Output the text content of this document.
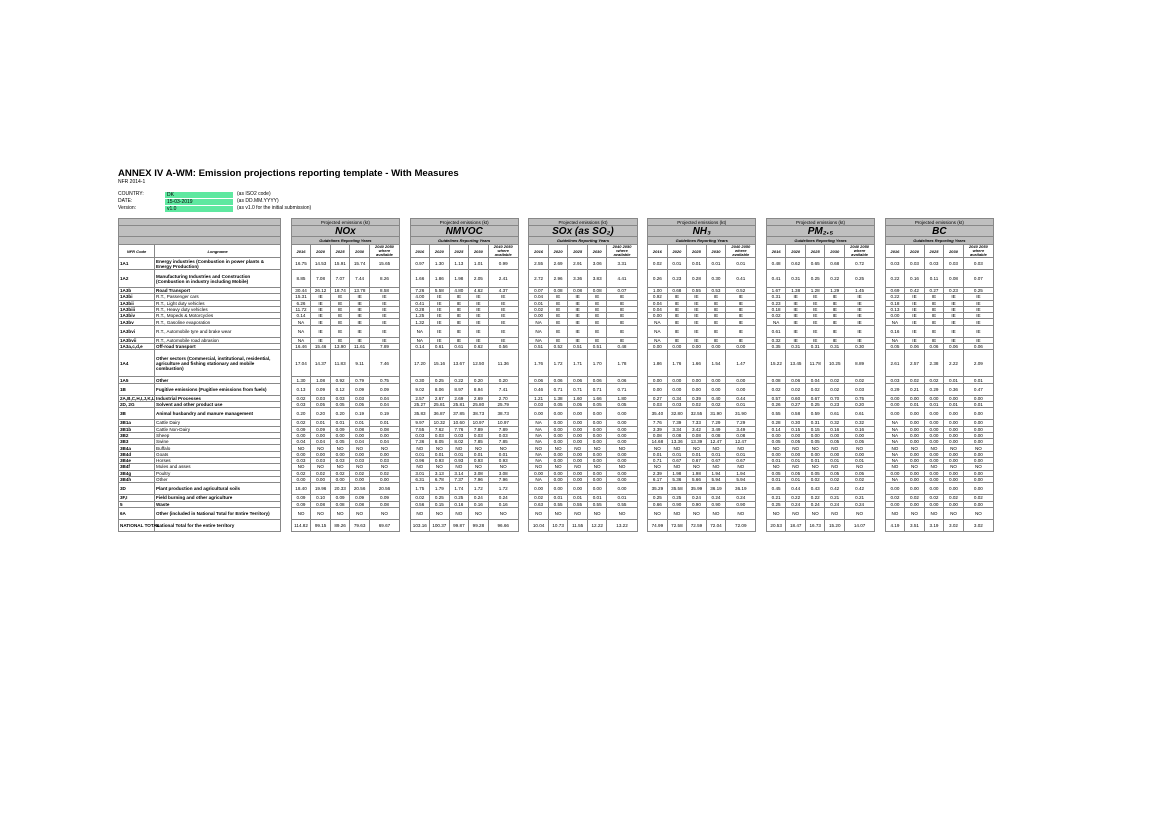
ANNEX IV A-WM: Emission projections reporting template - With Measures
NFR 2014-1
COUNTRY:	DK	(as ISO2 code)
DATE:	15-03-2019	(as DD.MM.YYYY)
Version:	v1.0	(as v1.0 for the initial submission)
			Projected emissions (kt)						Projected emissions (kt)						Projected emissions (kt)						Projected emissions (kt)						Projected emissions (kt)						Projected emissions (kt)				
			NOx						NMVOC						SOx (as SO₂)						NH₃						PM₂.₅						BC				
			Guidelines Reporting Years						Guidelines Reporting Years						Guidelines Reporting Years						Guidelines Reporting Years						Guidelines Reporting Years						Guidelines Reporting Years				
NFR Code	Longname		2016	2020	2025	2030	2040 2050 where available		2016	2020	2025	2030	2040 2050 where available		2016	2020	2025	2030	2040 2050 where available		2016	2020	2025	2030	2040 2050 where available		2016	2020	2025	2030	2040 2050 where available		2016	2020	2025	2030	2040 2050 where available
1A1	Energy industries (Combustion in power plants & Energy Production)		16.75	14.53	15.91	15.74	15.65		0.97	1.30	1.13	1.01	0.99		2.55	2.69	2.91	3.06	3.31		0.02	0.01	0.01	0.01	0.01		0.48	0.62	0.65	0.68	0.72		0.03	0.03	0.03	0.03	0.03
1A2	Manufacturing Industries and Construction (Combustion in industry including Mobile)		8.85	7.08	7.07	7.44	8.26		1.66	1.86	1.98	2.05	2.41		2.72	2.96	3.36	3.83	4.41		0.26	0.23	0.28	0.30	0.41		0.41	0.31	0.25	0.22	0.25		0.22	0.16	0.11	0.08	0.07
1A3b	Road Transport		30.44	26.12	18.74	13.78	8.58		7.26	5.58	4.80	4.62	4.37		0.07	0.08	0.08	0.08	0.07		1.00	0.68	0.55	0.53	0.52		1.67	1.38	1.28	1.29	1.45		0.69	0.42	0.27	0.23	0.25
1A3bi	R.T., Passenger cars		15.31	IE	IE	IE	IE		4.00	IE	IE	IE	IE		0.04	IE	IE	IE	IE		0.92	IE	IE	IE	IE		0.31	IE	IE	IE	IE		0.22	IE	IE	IE	IE
1A3bii	R.T., Light duty vehicles		6.26	IE	IE	IE	IE		0.41	IE	IE	IE	IE		0.01	IE	IE	IE	IE		0.04	IE	IE	IE	IE		0.23	IE	IE	IE	IE		0.18	IE	IE	IE	IE
1A3biii	R.T., Heavy duty vehicles		11.72	IE	IE	IE	IE		0.28	IE	IE	IE	IE		0.02	IE	IE	IE	IE		0.04	IE	IE	IE	IE		0.18	IE	IE	IE	IE		0.13	IE	IE	IE	IE
1A3biv	R.T., Mopeds & Motorcycles		0.14	IE	IE	IE	IE		1.25	IE	IE	IE	IE		0.00	IE	IE	IE	IE		0.00	IE	IE	IE	IE		0.02	IE	IE	IE	IE		0.00	IE	IE	IE	IE
1A3bv	R.T., Gasoline evaporation		NA	IE	IE	IE	IE		1.32	IE	IE	IE	IE		NA	IE	IE	IE	IE		NA	IE	IE	IE	IE		NA	IE	IE	IE	IE		NA	IE	IE	IE	IE
1A3bvi	R.T., Automobile tyre and brake wear		NA	IE	IE	IE	IE		NA	IE	IE	IE	IE		NA	IE	IE	IE	IE		NA	IE	IE	IE	IE		0.61	IE	IE	IE	IE		0.16	IE	IE	IE	IE
1A3bvii	R.T., Automobile road abrasion		NA	IE	IE	IE	IE		NA	IE	IE	IE	IE		NA	IE	IE	IE	IE		NA	IE	IE	IE	IE		0.32	IE	IE	IE	IE		NA	IE	IE	IE	IE
1A3a,c,d,e	Off-road transport		16.46	15.46	13.90	11.61	7.89		0.14	0.61	0.61	0.62	0.56		0.51	0.52	0.51	0.51	0.48		0.00	0.00	0.00	0.00	0.00		0.35	0.31	0.31	0.31	0.30		0.05	0.06	0.06	0.06	0.06
1A4	Other sectors (Commercial, institutional, residential, agriculture and fishing stationary and mobile combustion)		17.04	14.37	11.83	9.11	7.46		17.20	15.16	13.67	12.50	11.36		1.76	1.72	1.71	1.70	1.78		1.86	1.76	1.66	1.54	1.47		15.22	13.45	11.78	10.25	8.89		2.61	2.57	2.38	2.22	2.09
1A5	Other		1.30	1.08	0.92	0.79	0.75		0.30	0.25	0.22	0.20	0.20		0.06	0.06	0.06	0.06	0.06		0.00	0.00	0.00	0.00	0.00		0.08	0.06	0.04	0.02	0.02		0.03	0.02	0.02	0.01	0.01
1B	Fugitive emissions (Fugitive emissions from fuels)		0.13	0.09	0.12	0.09	0.09		9.02	8.06	8.97	8.94	7.41		0.46	0.71	0.71	0.71	0.71		0.00	0.00	0.00	0.00	0.00		0.02	0.02	0.02	0.02	0.03		0.29	0.21	0.29	0.36	0.47
2A,B,C,H,I,J,K,L	Industrial Processes		0.02	0.03	0.03	0.03	0.04		2.57	2.67	2.69	2.69	2.70		1.21	1.38	1.60	1.66	1.80		0.27	0.34	0.39	0.40	0.44		0.57	0.60	0.67	0.70	0.75		0.00	0.00	0.00	0.00	0.00
2D, 2G	Solvent and other product use		0.03	0.05	0.05	0.05	0.04		25.27	25.81	25.81	25.80	25.79		0.03	0.05	0.05	0.05	0.05		0.03	0.03	0.02	0.02	0.01		0.26	0.27	0.25	0.23	0.20		0.00	0.01	0.01	0.01	0.01
3B	Animal husbandry and manure management		0.20	0.20	0.20	0.19	0.19		35.83	36.87	37.85	38.73	38.73		0.00	0.00	0.00	0.00	0.00		35.40	32.80	32.55	31.90	31.90		0.55	0.58	0.59	0.61	0.61		0.00	0.00	0.00	0.00	0.00
3B1a	Cattle Dairy		0.02	0.01	0.01	0.01	0.01		9.97	10.32	10.60	10.97	10.97		NA	0.00	0.00	0.00	0.00		7.76	7.39	7.33	7.29	7.29		0.28	0.30	0.31	0.32	0.32		NA	0.00	0.00	0.00	0.00
3B1b	Cattle Non-Dairy		0.09	0.09	0.09	0.08	0.08		7.55	7.62	7.76	7.89	7.89		NA	0.00	0.00	0.00	0.00		3.39	3.34	3.42	3.49	3.49		0.14	0.15	0.15	0.16	0.16		NA	0.00	0.00	0.00	0.00
3B2	Sheep		0.00	0.00	0.00	0.00	0.00		0.03	0.03	0.03	0.03	0.03		NA	0.00	0.00	0.00	0.00		0.08	0.08	0.08	0.08	0.08		0.00	0.00	0.00	0.00	0.00		NA	0.00	0.00	0.00	0.00
3B3	Swine		0.04	0.04	0.05	0.04	0.04		7.36	8.05	8.02	7.85	7.85		NA	0.00	0.00	0.00	0.00		14.68	13.36	13.39	12.47	12.47		0.05	0.05	0.05	0.05	0.05		NA	0.00	0.00	0.00	0.00
3B4a	Buffalo		NO	NO	NO	NO	NO		NO	NO	NO	NO	NO		NO	NO	NO	NO	NO		NO	NO	NO	NO	NO		NO	NO	NO	NO	NO		NO	NO	NO	NO	NO
3B4d	Goats		0.00	0.00	0.00	0.00	0.00		0.01	0.01	0.01	0.01	0.01		NA	0.00	0.00	0.00	0.00		0.01	0.01	0.01	0.01	0.01		0.00	0.00	0.00	0.00	0.00		NA	0.00	0.00	0.00	0.00
3B4e	Horses		0.03	0.03	0.03	0.03	0.03		0.96	0.93	0.93	0.93	0.93		NA	0.00	0.00	0.00	0.00		0.71	0.67	0.67	0.67	0.67		0.01	0.01	0.01	0.01	0.01		NA	0.00	0.00	0.00	0.00
3B4f	Mules and asses		NO	NO	NO	NO	NO		NO	NO	NO	NO	NO		NO	NO	NO	NO	NO		NO	NO	NO	NO	NO		NO	NO	NO	NO	NO		NO	NO	NO	NO	NO
3B4g	Poultry		0.02	0.02	0.02	0.02	0.02		3.01	3.13	3.14	3.08	3.08		0.00	0.00	0.00	0.00	0.00		2.39	1.98	1.98	1.94	1.94		0.05	0.05	0.05	0.05	0.05		0.00	0.00	0.00	0.00	0.00
3B4h	Other		0.00	0.00	0.00	0.00	0.00		6.31	6.78	7.37	7.96	7.96		NA	0.00	0.00	0.00	0.00		6.17	5.36	5.66	5.94	5.94		0.01	0.01	0.02	0.02	0.02		NA	0.00	0.00	0.00	0.00
3D	Plant production and agricultural soils		18.40	19.96	20.33	20.56	20.56		1.75	1.79	1.74	1.72	1.72		0.00	0.00	0.00	0.00	0.00		35.29	35.58	35.99	36.19	36.19		0.45	0.44	0.43	0.42	0.42		0.00	0.00	0.00	0.00	0.00
3F,I	Field burning and other agriculture		0.09	0.10	0.09	0.09	0.09		0.02	0.25	0.25	0.24	0.24		0.02	0.01	0.01	0.01	0.01		0.25	0.25	0.24	0.24	0.24		0.21	0.22	0.22	0.21	0.21		0.02	0.02	0.02	0.02	0.02
5	Waste		0.09	0.08	0.08	0.08	0.08		0.56	0.15	0.16	0.16	0.16		0.63	0.55	0.55	0.55	0.55		0.66	0.90	0.90	0.90	0.90		0.25	0.24	0.24	0.24	0.24		0.00	0.00	0.00	0.00	0.00
6A	Other (included in National Total for Entire Territory)		NO	NO	NO	NO	NO		NO	NO	NO	NO	NO		NO	NO	NO	NO	NO		NO	NO	NO	NO	NO		NO	NO	NO	NO	NO		NO	NO	NO	NO	NO
NATIONAL TOTAL	National Total for the entire territory		114.82	99.15	89.26	79.63	69.67		103.16	100.37	99.87	99.28	96.66		10.04	10.73	11.55	12.22	13.22		74.99	72.58	72.59	72.04	72.09		20.53	18.47	16.73	15.20	14.07		4.19	3.51	3.19	3.02	3.02
